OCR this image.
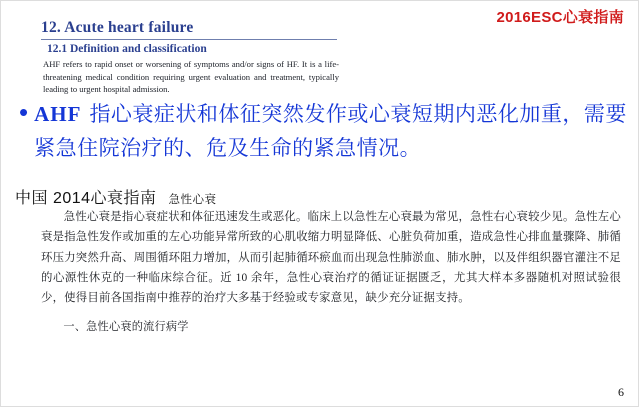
2016ESC心衰指南
12. Acute heart failure
12.1 Definition and classification
AHF refers to rapid onset or worsening of symptoms and/or signs of HF. It is a life-threatening medical condition requiring urgent evaluation and treatment, typically leading to urgent hospital admission.
• AHF 指心衰症状和体征突然发作或心衰短期内恶化加重，需要紧急住院治疗的、危及生命的紧急情况。
中国 2014心衰指南 急性心衰

急性心衰是指心衰症状和体征迅速发生或恶化。临床上以急性左心衰最为常见，急性右心衰较少见。急性左心衰是指急性发作或加重的左心功能异常所致的心肌收缩力明显降低、心脏负荷加重，造成急性心排血量骤降、肺循环压力突然升高、周围循环阻力增加，从而引起肺循环瘀血而出现急性肺淤血、肺水肿，以及伴组织器官灌注不足的心源性休克的一种临床综合征。近 10 余年，急性心衰治疗的循证证据匮乏，尤其大样本多器随机对照试验很少，使得目前各国指南中推荐的治疗大多基于经验或专家意见，缺少充分证据支持。

一、急性心衰的流行病学

6
